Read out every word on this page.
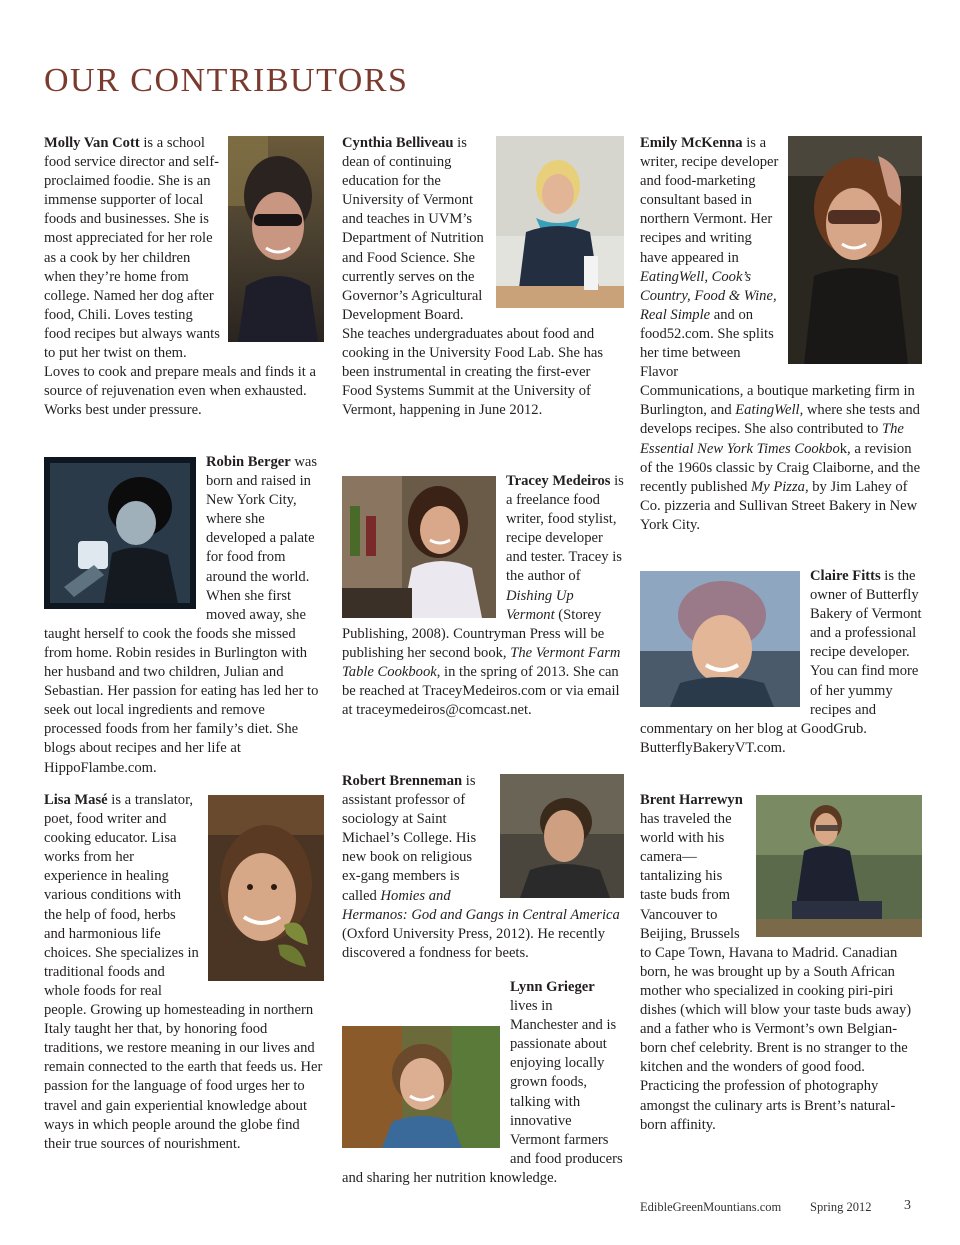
OUR CONTRIBUTORS

Molly Van Cott is a school food service director and self-proclaimed foodie. She is an immense supporter of local foods and businesses. She is most appreciated for her role as a cook by her children when they’re home from college. Named her dog after food, Chili. Loves testing food recipes but always wants to put her twist on them. Loves to cook and prepare meals and finds it a source of rejuvenation even when exhausted. Works best under pressure.

Robin Berger was born and raised in New York City, where she developed a palate for food from around the world. When she first moved away, she taught herself to cook the foods she missed from home. Robin resides in Burlington with her husband and two children, Julian and Sebastian. Her passion for eating has led her to seek out local ingredients and remove processed foods from her family’s diet. She blogs about recipes and her life at HippoFlambe.com.

Lisa Masé is a translator, poet, food writer and cooking educator. Lisa works from her experience in healing various conditions with the help of food, herbs and harmonious life choices. She specializes in traditional foods and whole foods for real people. Growing up homesteading in northern Italy taught her that, by honoring food traditions, we restore meaning in our lives and remain connected to the earth that feeds us. Her passion for the language of food urges her to travel and gain experiential knowledge about ways in which people around the globe find their true sources of nourishment.

Cynthia Belliveau is dean of continuing education for the University of Vermont and teaches in UVM’s Department of Nutrition and Food Science. She currently serves on the Governor’s Agricultural Development Board. She teaches undergraduates about food and cooking in the University Food Lab. She has been instrumental in creating the first-ever Food Systems Summit at the University of Vermont, happening in June 2012.

Tracey Medeiros is a freelance food writer, food stylist, recipe developer and tester. Tracey is the author of Dishing Up Vermont (Storey Publishing, 2008). Countryman Press will be publishing her second book, The Vermont Farm Table Cookbook, in the spring of 2013. She can be reached at TraceyMedeiros.com or via email at traceymedeiros@comcast.net.

Robert Brenneman is assistant professor of sociology at Saint Michael’s College. His new book on religious ex-gang members is called Homies and Hermanos: God and Gangs in Central America (Oxford University Press, 2012). He recently discovered a fondness for beets.

Lynn Grieger lives in Manchester and is passionate about enjoying locally grown foods, talking with innovative Vermont farmers and food producers and sharing her nutrition knowledge.

Emily McKenna is a writer, recipe developer and food-marketing consultant based in northern Vermont. Her recipes and writing have appeared in EatingWell, Cook’s Country, Food & Wine, Real Simple and on food52.com. She splits her time between Flavor Communications, a boutique marketing firm in Burlington, and EatingWell, where she tests and develops recipes. She also contributed to The Essential New York Times Cookbok, a revision of the 1960s classic by Craig Claiborne, and the recently published My Pizza, by Jim Lahey of Co. pizzeria and Sullivan Street Bakery in New York City.

Claire Fitts is the owner of Butterfly Bakery of Vermont and a professional recipe developer. You can find more of her yummy recipes and commentary on her blog at GoodGrub. ButterflyBakeryVT.com.

Brent Harrewyn has traveled the world with his camera—tantalizing his taste buds from Vancouver to Beijing, Brussels to Cape Town, Havana to Madrid. Canadian born, he was brought up by a South African mother who specialized in cooking piri-piri dishes (which will blow your taste buds away) and a father who is Vermont’s own Belgian-born chef celebrity. Brent is no stranger to the kitchen and the wonders of good food. Practicing the profession of photography amongst the culinary arts is Brent’s natural-born affinity.

EdibleGreenMountians.com Spring 2012 3
